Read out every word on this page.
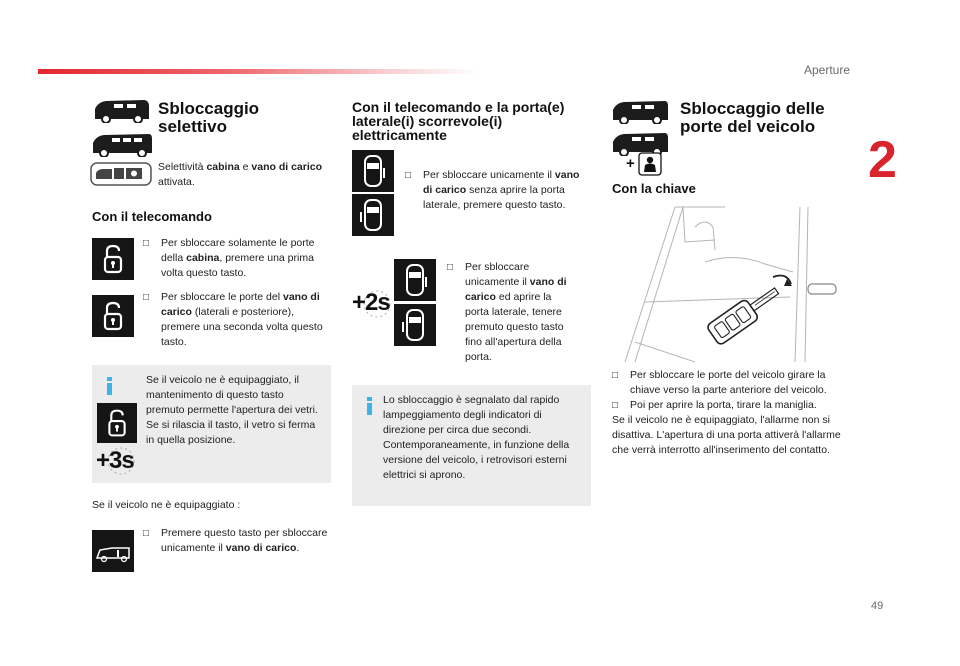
Aperture
2
49
Sbloccaggio selettivo
Selettività cabina e vano di carico attivata.
Con il telecomando
□	Per sbloccare solamente le porte della cabina, premere una prima volta questo tasto.
□	Per sbloccare le porte del vano di carico (laterali e posteriore), premere una seconda volta questo tasto.
+3s
Se il veicolo ne è equipaggiato, il mantenimento di questo tasto premuto permette l'apertura dei vetri. Se si rilascia il tasto, il vetro si ferma in quella posizione.
Se il veicolo ne è equipaggiato :
□	Premere questo tasto per sbloccare unicamente il vano di carico.
Con il telecomando e la porta(e) laterale(i) scorrevole(i) elettricamente
□	Per sbloccare unicamente il vano di carico senza aprire la porta laterale, premere questo tasto.
+2s
□	Per sbloccare unicamente il vano di carico ed aprire la porta laterale, tenere premuto questo tasto fino all'apertura della porta.
Lo sbloccaggio è segnalato dal rapido lampeggiamento degli indicatori di direzione per circa due secondi. Contemporaneamente, in funzione della versione del veicolo, i retrovisori esterni elettrici si aprono.
+
Sbloccaggio delle porte del veicolo
Con la chiave
□	Per sbloccare le porte del veicolo girare la chiave verso la parte anteriore del veicolo.
□	Poi per aprire la porta, tirare la maniglia.
Se il veicolo ne è equipaggiato, l'allarme non si disattiva. L'apertura di una porta attiverà l'allarme che verrà interrotto all'inserimento del contatto.
